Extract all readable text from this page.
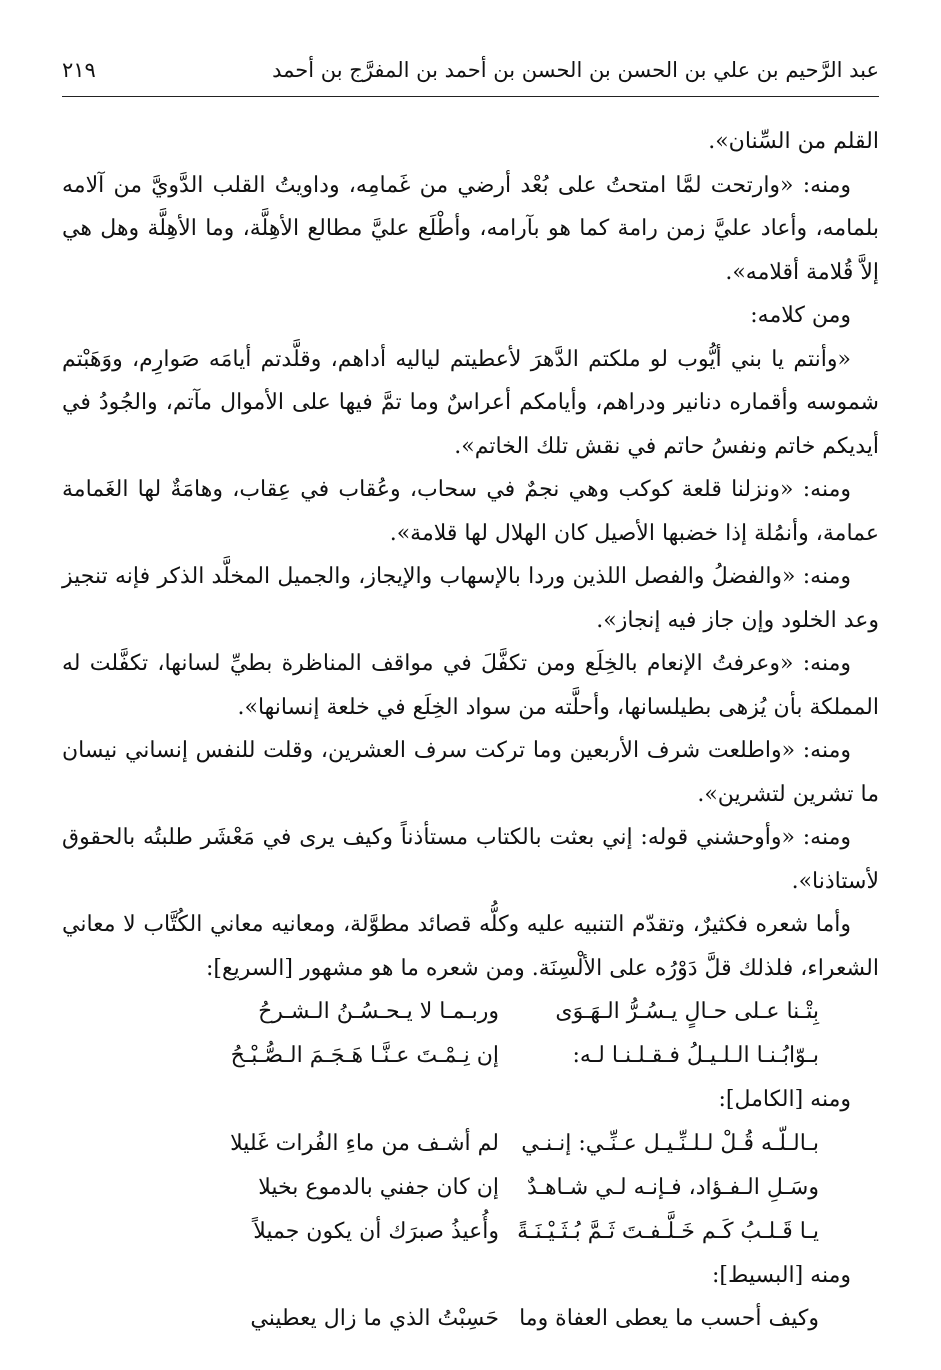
عبد الرَّحيم بن علي بن الحسن بن الحسن بن أحمد بن المفرَّج بن أحمد
٢١٩

القلم من السِّنان».

ومنه: «وارتحت لمَّا امتحتُ على بُعْد أرضي من غَمامِه، وداويتُ القلب الدَّويَّ من آلامه بلمامه، وأعاد عليَّ زمن رامة كما هو بآرامه، وأطْلَع عليَّ مطالع الأهِلَّة، وما الأهِلَّة وهل هي إلاَّ قُلامة أقلامه».

ومن كلامه:

«وأنتم يا بني أيُّوب لو ملكتم الدَّهرَ لأعطيتم لياليه أداهم، وقلَّدتم أيامَه صَوارِم، ووَهَبْتم شموسه وأقماره دنانير ودراهم، وأيامكم أعراسٌ وما تمَّ فيها على الأموال مآتم، والجُودُ في أيديكم خاتم ونفسُ حاتم في نقش تلك الخاتم».

ومنه: «ونزلنا قلعة كوكب وهي نجمٌ في سحاب، وعُقاب في عِقاب، وهامَةٌ لها الغَمامة عمامة، وأنمُلة إذا خضبها الأصيل كان الهلال لها قلامة».

ومنه: «والفضلُ والفصل اللذين وردا بالإسهاب والإيجاز، والجميل المخلَّد الذكر فإنه تنجيز وعد الخلود وإن جاز فيه إنجاز».

ومنه: «وعرفتُ الإنعام بالخِلَع ومن تكفَّلَ في مواقف المناظرة بطيِّ لسانها، تكفَّلت له المملكة بأن يُزهى بطيلسانها، وأحلَّته من سواد الخِلَع في خلعة إنسانها».

ومنه: «واطلعت شرف الأربعين وما تركت سرف العشرين، وقلت للنفس إنساني نيسان ما تشرين لتشرين».

ومنه: «وأوحشني قوله: إني بعثت بالكتاب مستأذناً وكيف يرى في مَعْشَر طلبتُه بالحقوق لأستاذنا».

وأما شعره فكثيرٌ، وتقدّم التنبيه عليه وكلُّه قصائد مطوَّلة، ومعانيه معاني الكُتَّاب لا معاني الشعراء، فلذلك قلَّ دَوْرُه على الألْسِنَة. ومن شعره ما هو مشهور [السريع]:

بِتْـنا عـلى حـالٍ يـسُـرُّ الـهَـوَى
وربـمـا لا يـحـسُـنُ الـشـرحُ
بـوّابُـنـا الـلـيـلُ فـقـلـنـا لـه:
إن نِـمْـتَ عـنَّـا هَـجَـمَ الـصُّـبْـحُ

ومنه [الكامل]:

بـالـلّـه قُـلْ لـلـنِّـيـل عـنِّـي: إنـنـي
لم أشـف من ماءِ الفُرات غَليلا
وسَـلِ الـفـؤاد، فـإنـه لـي شـاهـدٌ
إن كان جفني بالدموع بخيلا
يـا قَـلـبُ كَـم خَـلَّـفـتَ ثَـمَّ بُـثَـيْـنَـةً
وأُعيذُ صبرَك أن يكون جميلاً

ومنه [البسيط]:

وكيف أحسب ما يعطى العفاة وما
حَسِبْتُ الذي ما زال يعطيني
